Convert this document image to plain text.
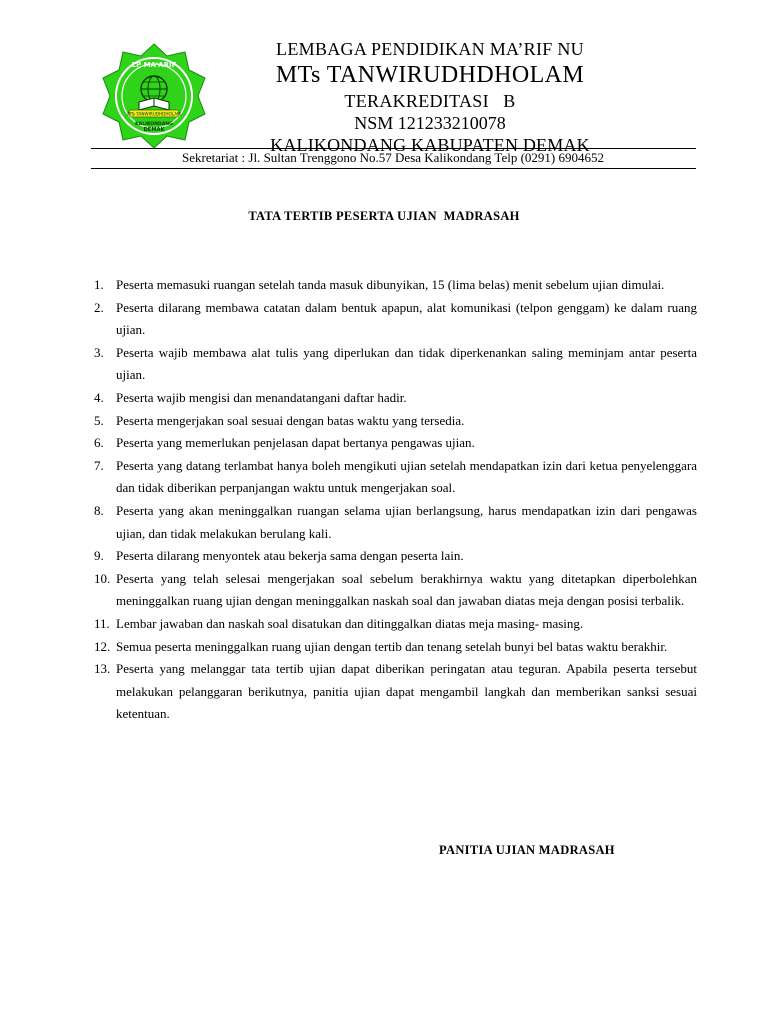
MTs TANWIRUDHDHOLAM
LP MA'ARIF
KALIKONDANG
DEMAK
LEMBAGA PENDIDIKAN MA’RIF NU
MTs TANWIRUDHDHOLAM
TERAKREDITASI   B
NSM 121233210078
KALIKONDANG KABUPATEN DEMAK
Sekretariat : Jl. Sultan Trenggono No.57 Desa Kalikondang Telp (0291) 6904652
TATA TERTIB PESERTA UJIAN  MADRASAH
1. Peserta memasuki ruangan setelah tanda masuk dibunyikan, 15 (lima belas) menit sebelum ujian dimulai.
2. Peserta dilarang membawa catatan dalam bentuk apapun, alat komunikasi (telpon genggam) ke dalam ruang ujian.
3. Peserta wajib membawa alat tulis yang diperlukan dan tidak diperkenankan saling meminjam antar peserta ujian.
4. Peserta wajib mengisi dan menandatangani daftar hadir.
5. Peserta mengerjakan soal sesuai dengan batas waktu yang tersedia.
6. Peserta yang memerlukan penjelasan dapat bertanya pengawas ujian.
7. Peserta yang datang terlambat hanya boleh mengikuti ujian setelah mendapatkan izin dari ketua penyelenggara dan tidak diberikan perpanjangan waktu untuk mengerjakan soal.
8. Peserta yang akan meninggalkan ruangan selama ujian berlangsung, harus mendapatkan izin dari pengawas ujian, dan tidak melakukan berulang kali.
9. Peserta dilarang menyontek atau bekerja sama dengan peserta lain.
10. Peserta yang telah selesai mengerjakan soal sebelum berakhirnya waktu yang ditetapkan diperbolehkan meninggalkan ruang ujian dengan meninggalkan naskah soal dan jawaban diatas meja dengan posisi terbalik.
11. Lembar jawaban dan naskah soal disatukan dan ditinggalkan diatas meja masing- masing.
12. Semua peserta meninggalkan ruang ujian dengan tertib dan tenang setelah bunyi bel batas waktu berakhir.
13. Peserta yang melanggar tata tertib ujian dapat diberikan peringatan atau teguran. Apabila peserta tersebut melakukan pelanggaran berikutnya, panitia ujian dapat mengambil langkah dan memberikan sanksi sesuai ketentuan.
PANITIA UJIAN MADRASAH
